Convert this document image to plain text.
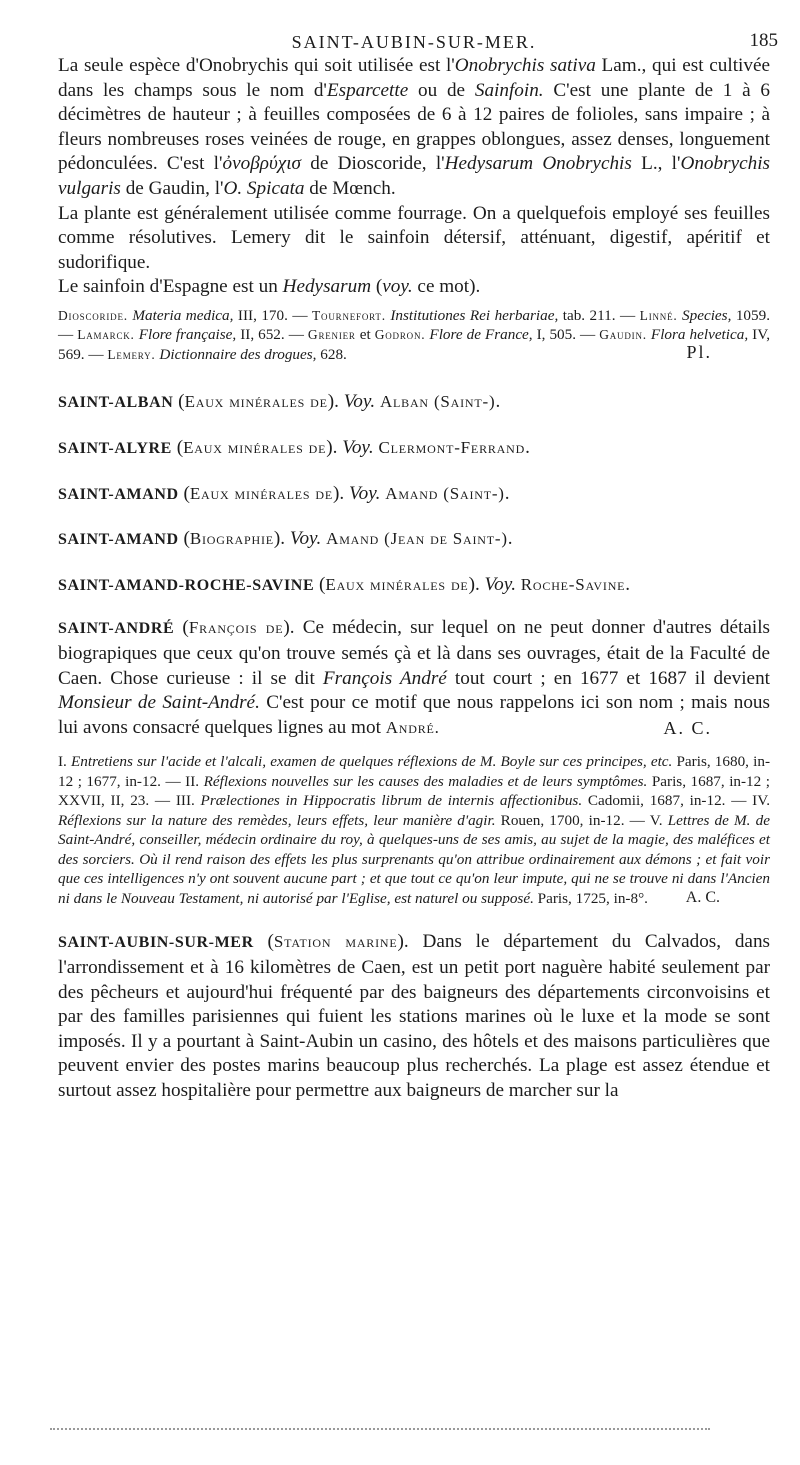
SAINT-AUBIN-SUR-MER.	185

La seule espèce d'Onobrychis qui soit utilisée est l'Onobrychis sativa Lam., qui est cultivée dans les champs sous le nom d'Esparcette ou de Sainfoin. C'est une plante de 1 à 6 décimètres de hauteur ; à feuilles composées de 6 à 12 paires de folioles, sans impaire ; à fleurs nombreuses roses veinées de rouge, en grappes oblongues, assez denses, longuement pédonculées. C'est l'ὀνοβρύχισ de Dioscoride, l'Hedysarum Onobrychis L., l'Onobrychis vulgaris de Gaudin, l'O. Spicata de Mœnch.

La plante est généralement utilisée comme fourrage. On a quelquefois employé ses feuilles comme résolutives. Lemery dit le sainfoin détersif, atténuant, digestif, apéritif et sudorifique.

Le sainfoin d'Espagne est un Hedysarum (voy. ce mot).

Dioscoride. Materia medica, III, 170. — Tournefort. Institutiones Rei herbariae, tab. 211. — Linné. Species, 1059. — Lamarck. Flore française, II, 652. — Grenier et Godron. Flore de France, I, 505. — Gaudin. Flora helvetica, IV, 569. — Lemery. Dictionnaire des drogues, 628.	Pl.

SAINT-ALBAN (Eaux minérales de). Voy. Alban (Saint-).

SAINT-ALYRE (Eaux minérales de). Voy. Clermont-Ferrand.

SAINT-AMAND (Eaux minérales de). Voy. Amand (Saint-).

SAINT-AMAND (Biographie). Voy. Amand (Jean de Saint-).

SAINT-AMAND-ROCHE-SAVINE (Eaux minérales de). Voy. Roche-Savine.

SAINT-ANDRÉ (François de). Ce médecin, sur lequel on ne peut donner d'autres détails biograpiques que ceux qu'on trouve semés çà et là dans ses ouvrages, était de la Faculté de Caen. Chose curieuse : il se dit François André tout court ; en 1677 et 1687 il devient Monsieur de Saint-André. C'est pour ce motif que nous rappelons ici son nom ; mais nous lui avons consacré quelques lignes au mot André.	A. C.

I. Entretiens sur l'acide et l'alcali, examen de quelques réflexions de M. Boyle sur ces principes, etc. Paris, 1680, in-12 ; 1677, in-12. — II. Réflexions nouvelles sur les causes des maladies et de leurs symptômes. Paris, 1687, in-12 ; XXVII, II, 23. — III. Prælectiones in Hippocratis librum de internis affectionibus. Cadomii, 1687, in-12. — IV. Réflexions sur la nature des remèdes, leurs effets, leur manière d'agir. Rouen, 1700, in-12. — V. Lettres de M. de Saint-André, conseiller, médecin ordinaire du roy, à quelques-uns de ses amis, au sujet de la magie, des maléfices et des sorciers. Où il rend raison des effets les plus surprenants qu'on attribue ordinairement aux démons ; et fait voir que ces intelligences n'y ont souvent aucune part ; et que tout ce qu'on leur impute, qui ne se trouve ni dans l'Ancien ni dans le Nouveau Testament, ni autorisé par l'Eglise, est naturel ou supposé. Paris, 1725, in-8°.	A. C.

SAINT-AUBIN-SUR-MER (Station marine). Dans le département du Calvados, dans l'arrondissement et à 16 kilomètres de Caen, est un petit port naguère habité seulement par des pêcheurs et aujourd'hui fréquenté par des baigneurs des départements circonvoisins et par des familles parisiennes qui fuient les stations marines où le luxe et la mode se sont imposés. Il y a pourtant à Saint-Aubin un casino, des hôtels et des maisons particulières que peuvent envier des postes marins beaucoup plus recherchés. La plage est assez étendue et surtout assez hospitalière pour permettre aux baigneurs de marcher sur la
